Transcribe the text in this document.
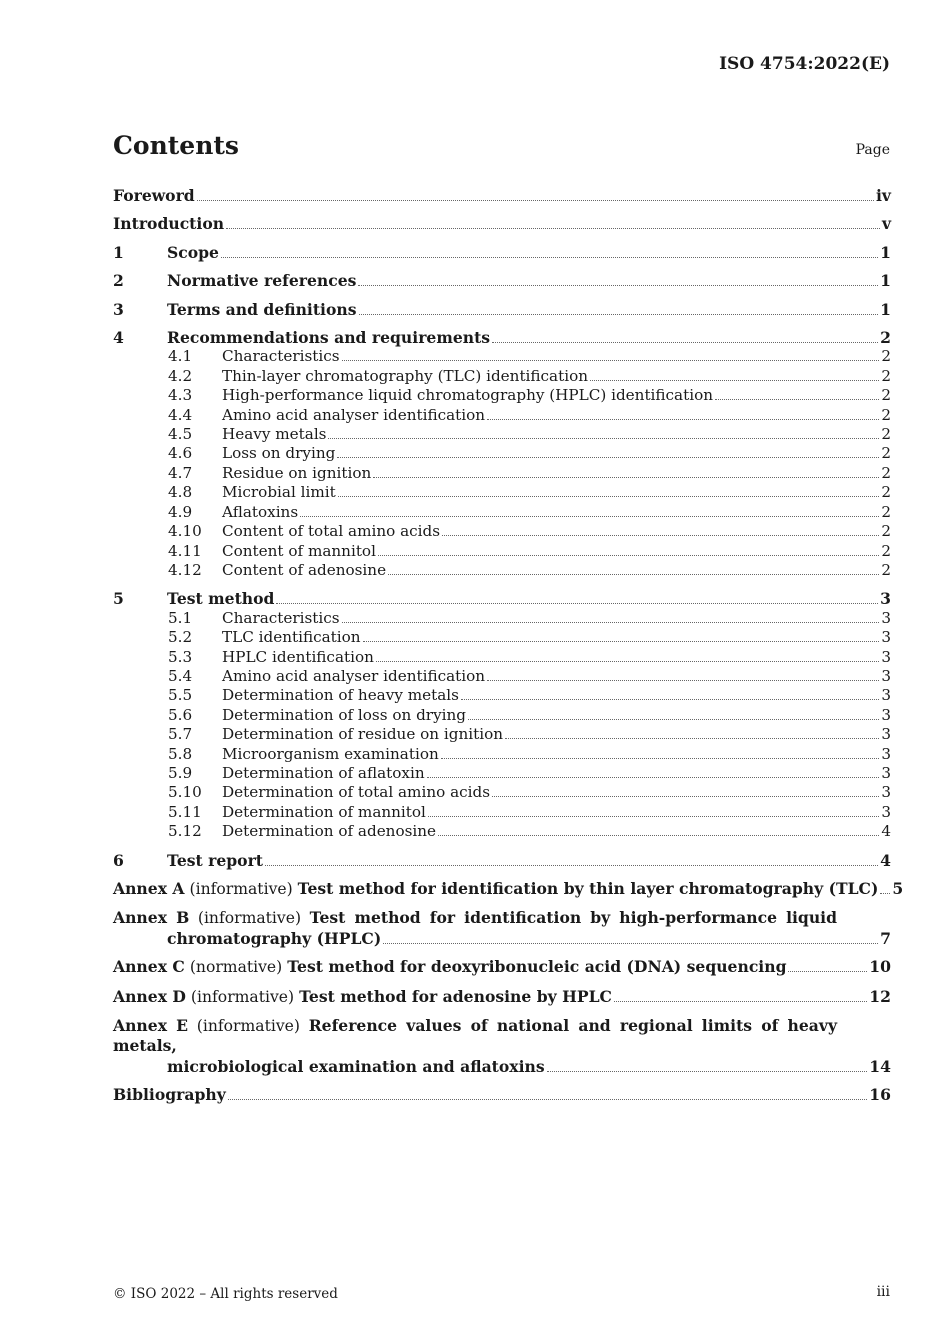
ISO 4754:2022(E)
Contents	Page
Foreword	iv
Introduction	v
1	Scope	1
2	Normative references	1
3	Terms and definitions	1
4	Recommendations and requirements	2
4.1	Characteristics	2
4.2	Thin-layer chromatography (TLC) identification	2
4.3	High-performance liquid chromatography (HPLC) identification	2
4.4	Amino acid analyser identification	2
4.5	Heavy metals	2
4.6	Loss on drying	2
4.7	Residue on ignition	2
4.8	Microbial limit	2
4.9	Aflatoxins	2
4.10	Content of total amino acids	2
4.11	Content of mannitol	2
4.12	Content of adenosine	2
5	Test method	3
5.1	Characteristics	3
5.2	TLC identification	3
5.3	HPLC identification	3
5.4	Amino acid analyser identification	3
5.5	Determination of heavy metals	3
5.6	Determination of loss on drying	3
5.7	Determination of residue on ignition	3
5.8	Microorganism examination	3
5.9	Determination of aflatoxin	3
5.10	Determination of total amino acids	3
5.11	Determination of mannitol	3
5.12	Determination of adenosine	4
6	Test report	4
Annex A (informative) Test method for identification by thin layer chromatography (TLC) 5
Annex B (informative) Test method for identification by high-performance liquid
chromatography (HPLC)	7
Annex C (normative) Test method for deoxyribonucleic acid (DNA) sequencing	10
Annex D (informative) Test method for adenosine by HPLC	12
Annex E (informative) Reference values of national and regional limits of heavy metals,
microbiological examination and aflatoxins	14
Bibliography	16
© ISO 2022 – All rights reserved	iii
